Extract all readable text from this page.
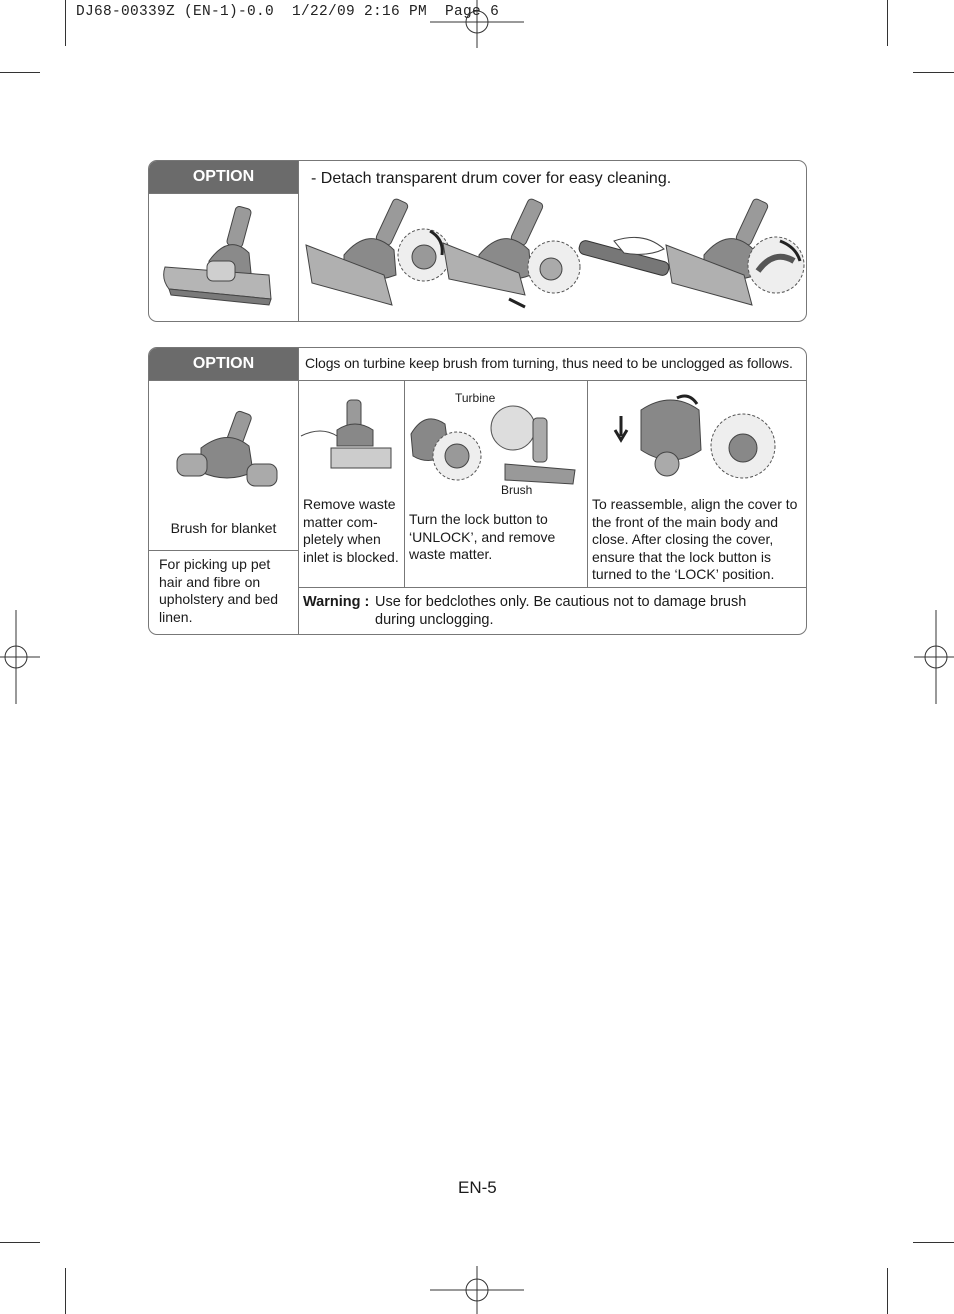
DJ68-00339Z (EN-1)-0.0  1/22/09 2:16 PM  Page 6
OPTION	- Detach transparent drum cover for easy cleaning.
OPTION	Clogs on turbine keep brush from turning, thus need to be unclogged as follows.
Brush for blanket
For picking up pet hair and fibre on upholstery and bed linen.
Remove waste matter com-pletely when inlet is blocked.
Turbine
Brush
Turn the lock button to ‘UNLOCK’, and remove waste matter.
To reassemble, align the cover to the front of the main body and close. After closing the cover, ensure that the lock button is turned to the ‘LOCK’ position.
Warning : Use for bedclothes only. Be cautious not to damage brush
during unclogging.
EN-5
